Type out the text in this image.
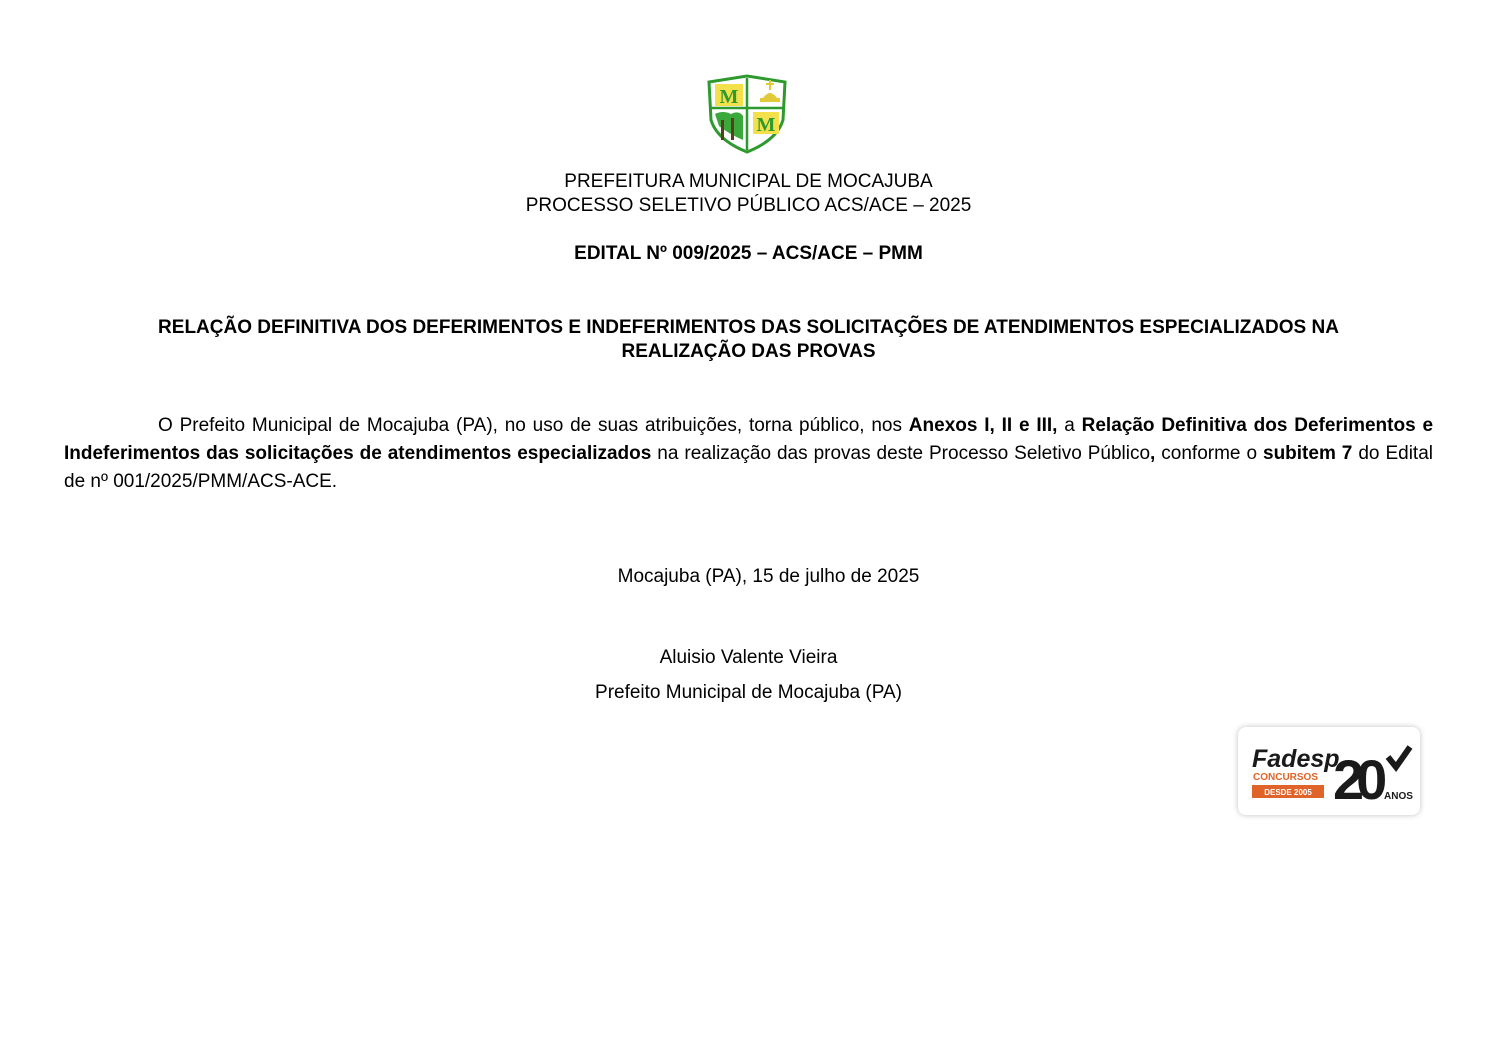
M
M
PREFEITURA MUNICIPAL DE MOCAJUBA
PROCESSO SELETIVO PÚBLICO ACS/ACE – 2025
EDITAL Nº 009/2025 – ACS/ACE – PMM
RELAÇÃO DEFINITIVA DOS DEFERIMENTOS E INDEFERIMENTOS DAS SOLICITAÇÕES DE ATENDIMENTOS ESPECIALIZADOS NA
REALIZAÇÃO DAS PROVAS
O Prefeito Municipal de Mocajuba (PA), no uso de suas atribuições, torna público, nos Anexos I, II e III, a Relação Definitiva dos Deferimentos e Indeferimentos das solicitações de atendimentos especializados na realização das provas deste Processo Seletivo Público, conforme o subitem 7 do Edital de nº 001/2025/PMM/ACS-ACE.
Mocajuba (PA), 15 de julho de 2025
Aluisio Valente Vieira
Prefeito Municipal de Mocajuba (PA)
Fadesp
CONCURSOS
DESDE 2005 20 ANOS
